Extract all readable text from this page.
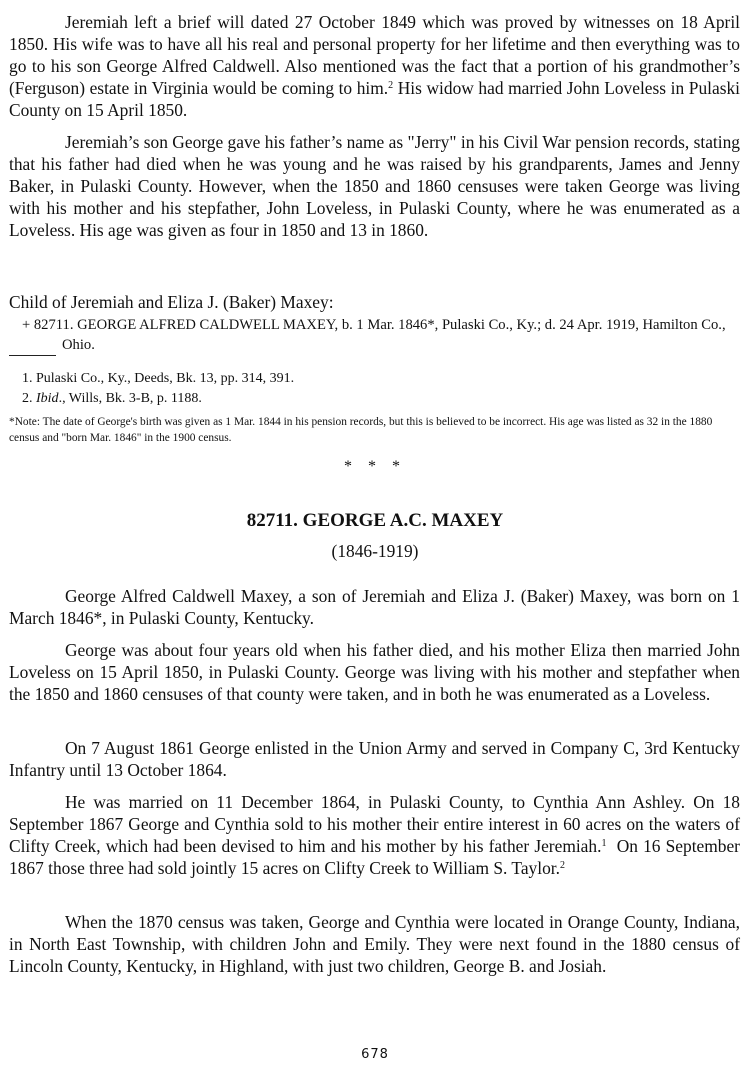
Jeremiah left a brief will dated 27 October 1849 which was proved by witnesses on 18 April 1850. His wife was to have all his real and personal property for her lifetime and then everything was to go to his son George Alfred Caldwell. Also mentioned was the fact that a portion of his grandmother’s (Ferguson) estate in Virginia would be coming to him.$^2$ His widow had married John Loveless in Pulaski County on 15 April 1850.

Jeremiah’s son George gave his father’s name as "Jerry" in his Civil War pension records, stating that his father had died when he was young and he was raised by his grandparents, James and Jenny Baker, in Pulaski County. However, when the 1850 and 1860 censuses were taken George was living with his mother and his stepfather, John Loveless, in Pulaski County, where he was enumerated as a Loveless. His age was given as four in 1850 and 13 in 1860.

Child of Jeremiah and Eliza J. (Baker) Maxey:

+ 82711. GEORGE ALFRED CALDWELL MAXEY, b. 1 Mar. 1846*, Pulaski Co., Ky.; d. 24 Apr. 1919, Hamilton Co., Ohio.

1. Pulaski Co., Ky., Deeds, Bk. 13, pp. 314, 391.

2. Ibid., Wills, Bk. 3-B, p. 1188.

*Note: The date of George's birth was given as 1 Mar. 1844 in his pension records, but this is believed to be incorrect. His age was listed as 32 in the 1880 census and "born Mar. 1846" in the 1900 census.

* * *

82711. GEORGE A.C. MAXEY

(1846-1919)

George Alfred Caldwell Maxey, a son of Jeremiah and Eliza J. (Baker) Maxey, was born on 1 March 1846*, in Pulaski County, Kentucky.

George was about four years old when his father died, and his mother Eliza then married John Loveless on 15 April 1850, in Pulaski County. George was living with his mother and stepfather when the 1850 and 1860 censuses of that county were taken, and in both he was enumerated as a Loveless.

On 7 August 1861 George enlisted in the Union Army and served in Company C, 3rd Kentucky Infantry until 13 October 1864.

He was married on 11 December 1864, in Pulaski County, to Cynthia Ann Ashley. On 18 September 1867 George and Cynthia sold to his mother their entire interest in 60 acres on the waters of Clifty Creek, which had been devised to him and his mother by his father Jeremiah.$^1$ On 16 September 1867 those three had sold jointly 15 acres on Clifty Creek to William S. Taylor.$^2$

When the 1870 census was taken, George and Cynthia were located in Orange County, Indiana, in North East Township, with children John and Emily. They were next found in the 1880 census of Lincoln County, Kentucky, in Highland, with just two children, George B. and Josiah.

678
